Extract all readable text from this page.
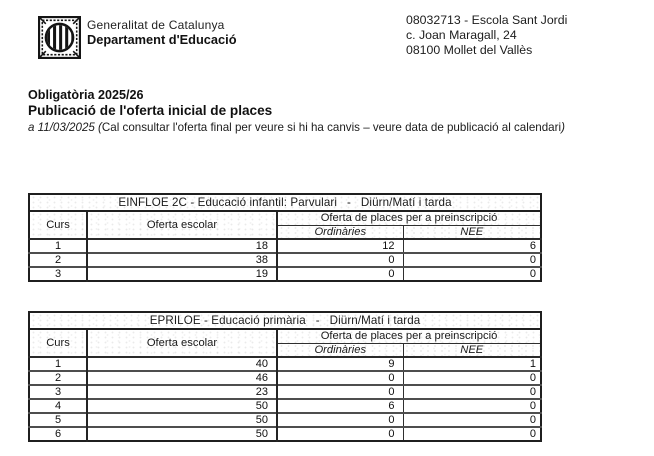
Generalitat de Catalunya
Departament d'Educació
08032713 - Escola Sant Jordi
c. Joan Maragall, 24
08100 Mollet del Vallès
Obligatòria 2025/26
Publicació de l'oferta inicial de places
a 11/03/2025 (Cal consultar l'oferta final per veure si hi ha canvis – veure data de publicació al calendari)
EINFLOE 2C - Educació infantil: Parvulari   -   Diürn/Matí i tarda			
Curs	Oferta escolar	Oferta de places per a preinscripció	
		Ordinàries	NEE
1	18	12	6
2	38	0	0
3	19	0	0
EPRILOE - Educació primària   -   Diürn/Matí i tarda			
Curs	Oferta escolar	Oferta de places per a preinscripció	
		Ordinàries	NEE
1	40	9	1
2	46	0	0
3	23	0	0
4	50	6	0
5	50	0	0
6	50	0	0
